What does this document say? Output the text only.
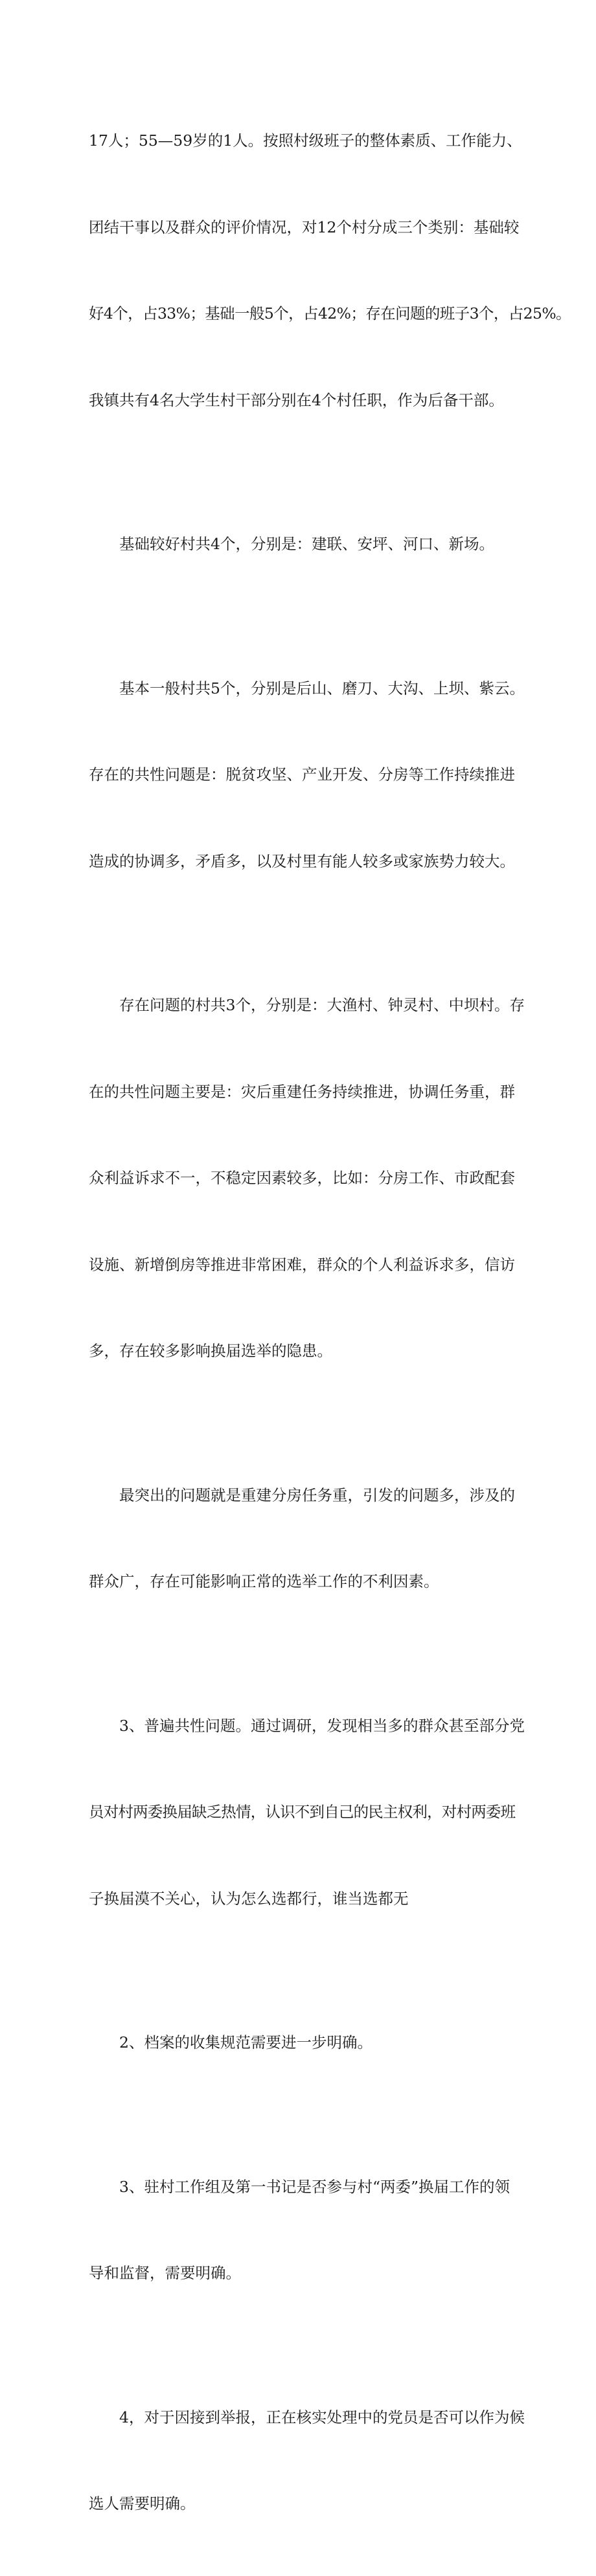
17人；55—59岁的1人。按照村级班子的整体素质、工作能力、

团结干事以及群众的评价情况，对12个村分成三个类别：基础较

好4个，占33%；基础一般5个，占42%；存在问题的班子3个，占25%。

我镇共有4名大学生村干部分别在4个村任职，作为后备干部。

基础较好村共4个，分别是：建联、安坪、河口、新场。

基本一般村共5个，分别是后山、磨刀、大沟、上坝、紫云。

存在的共性问题是：脱贫攻坚、产业开发、分房等工作持续推进

造成的协调多，矛盾多，以及村里有能人较多或家族势力较大。

存在问题的村共3个，分别是：大渔村、钟灵村、中坝村。存

在的共性问题主要是：灾后重建任务持续推进，协调任务重，群

众利益诉求不一，不稳定因素较多，比如：分房工作、市政配套

设施、新增倒房等推进非常困难，群众的个人利益诉求多，信访

多，存在较多影响换届选举的隐患。

最突出的问题就是重建分房任务重，引发的问题多，涉及的

群众广，存在可能影响正常的选举工作的不利因素。

3、普遍共性问题。通过调研，发现相当多的群众甚至部分党

员对村两委换届缺乏热情，认识不到自己的民主权利，对村两委班

子换届漠不关心，认为怎么选都行，谁当选都无

2、档案的收集规范需要进一步明确。

3、驻村工作组及第一书记是否参与村“两委”换届工作的领

导和监督，需要明确。

4，对于因接到举报，正在核实处理中的党员是否可以作为候

选人需要明确。
